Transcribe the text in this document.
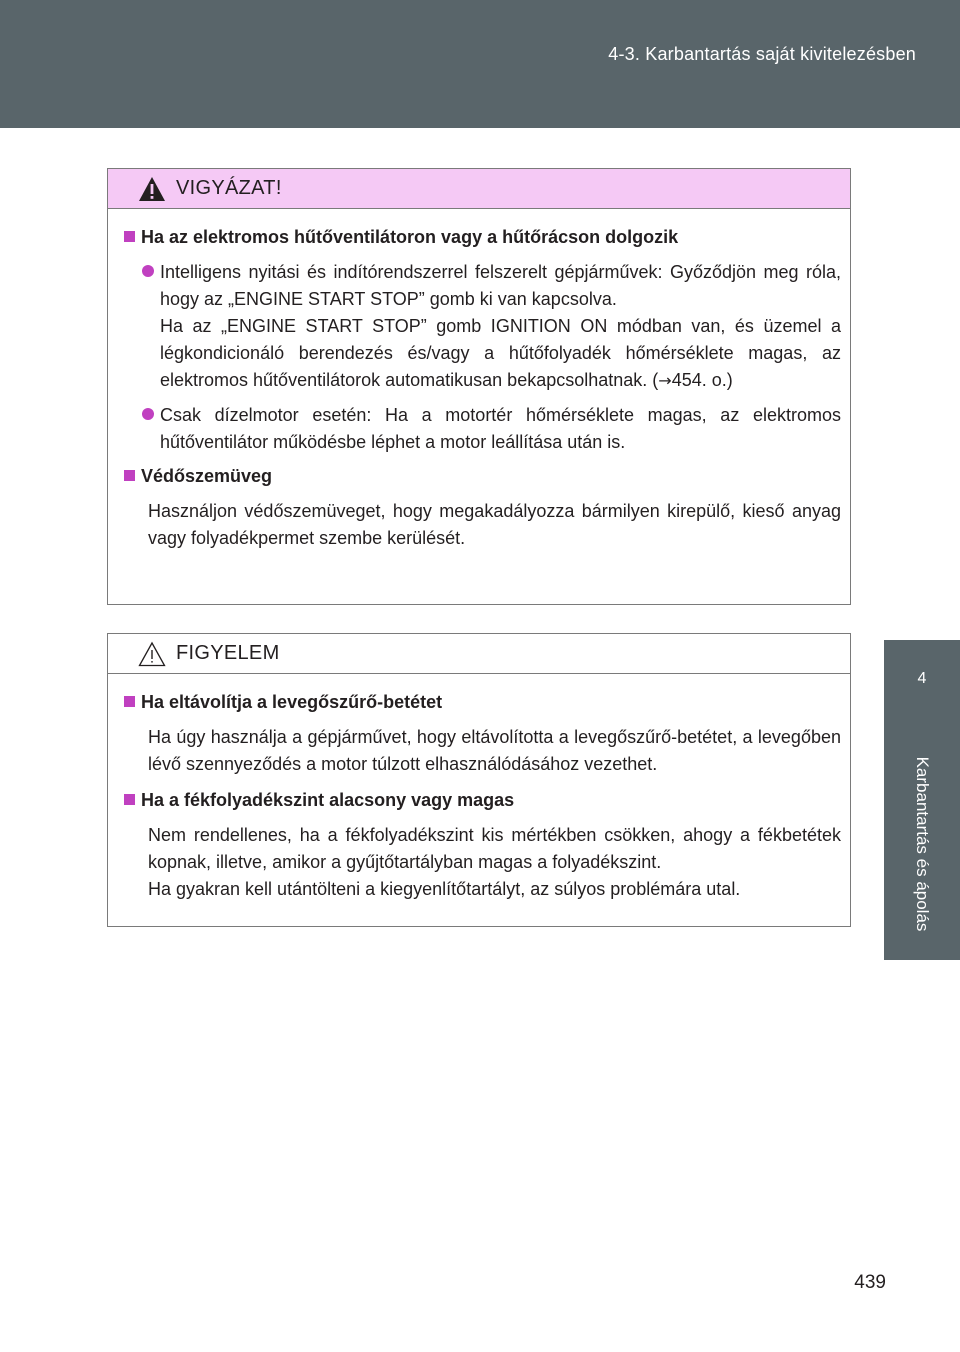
4-3. Karbantartás saját kivitelezésben
4
Karbantartás és ápolás
VIGYÁZAT!
Ha az elektromos hűtőventilátoron vagy a hűtőrácson dolgozik

Intelligens nyitási és indítórendszerrel felszerelt gépjárművek: Győződjön meg róla, hogy az „ENGINE START STOP” gomb ki van kapcsolva.

Ha az „ENGINE START STOP” gomb IGNITION ON módban van, és üzemel a légkondicionáló berendezés és/vagy a hűtőfolyadék hőmérséklete magas, az elektromos hűtőventilátorok automatikusan bekapcsolhatnak. (→454. o.)

Csak dízelmotor esetén: Ha a motortér hőmérséklete magas, az elektromos hűtőventilátor működésbe léphet a motor leállítása után is.
Védőszemüveg
Használjon védőszemüveget, hogy megakadályozza bármilyen kirepülő, kieső anyag vagy folyadékpermet szembe kerülését.
FIGYELEM
Ha eltávolítja a levegőszűrő-betétet
Ha úgy használja a gépjárművet, hogy eltávolította a levegőszűrő-betétet, a levegőben lévő szennyeződés a motor túlzott elhasználódásához vezethet.
Ha a fékfolyadékszint alacsony vagy magas

Nem rendellenes, ha a fékfolyadékszint kis mértékben csökken, ahogy a fékbetétek kopnak, illetve, amikor a gyűjtőtartályban magas a folyadékszint.

Ha gyakran kell utántölteni a kiegyenlítőtartályt, az súlyos problémára utal.

439
